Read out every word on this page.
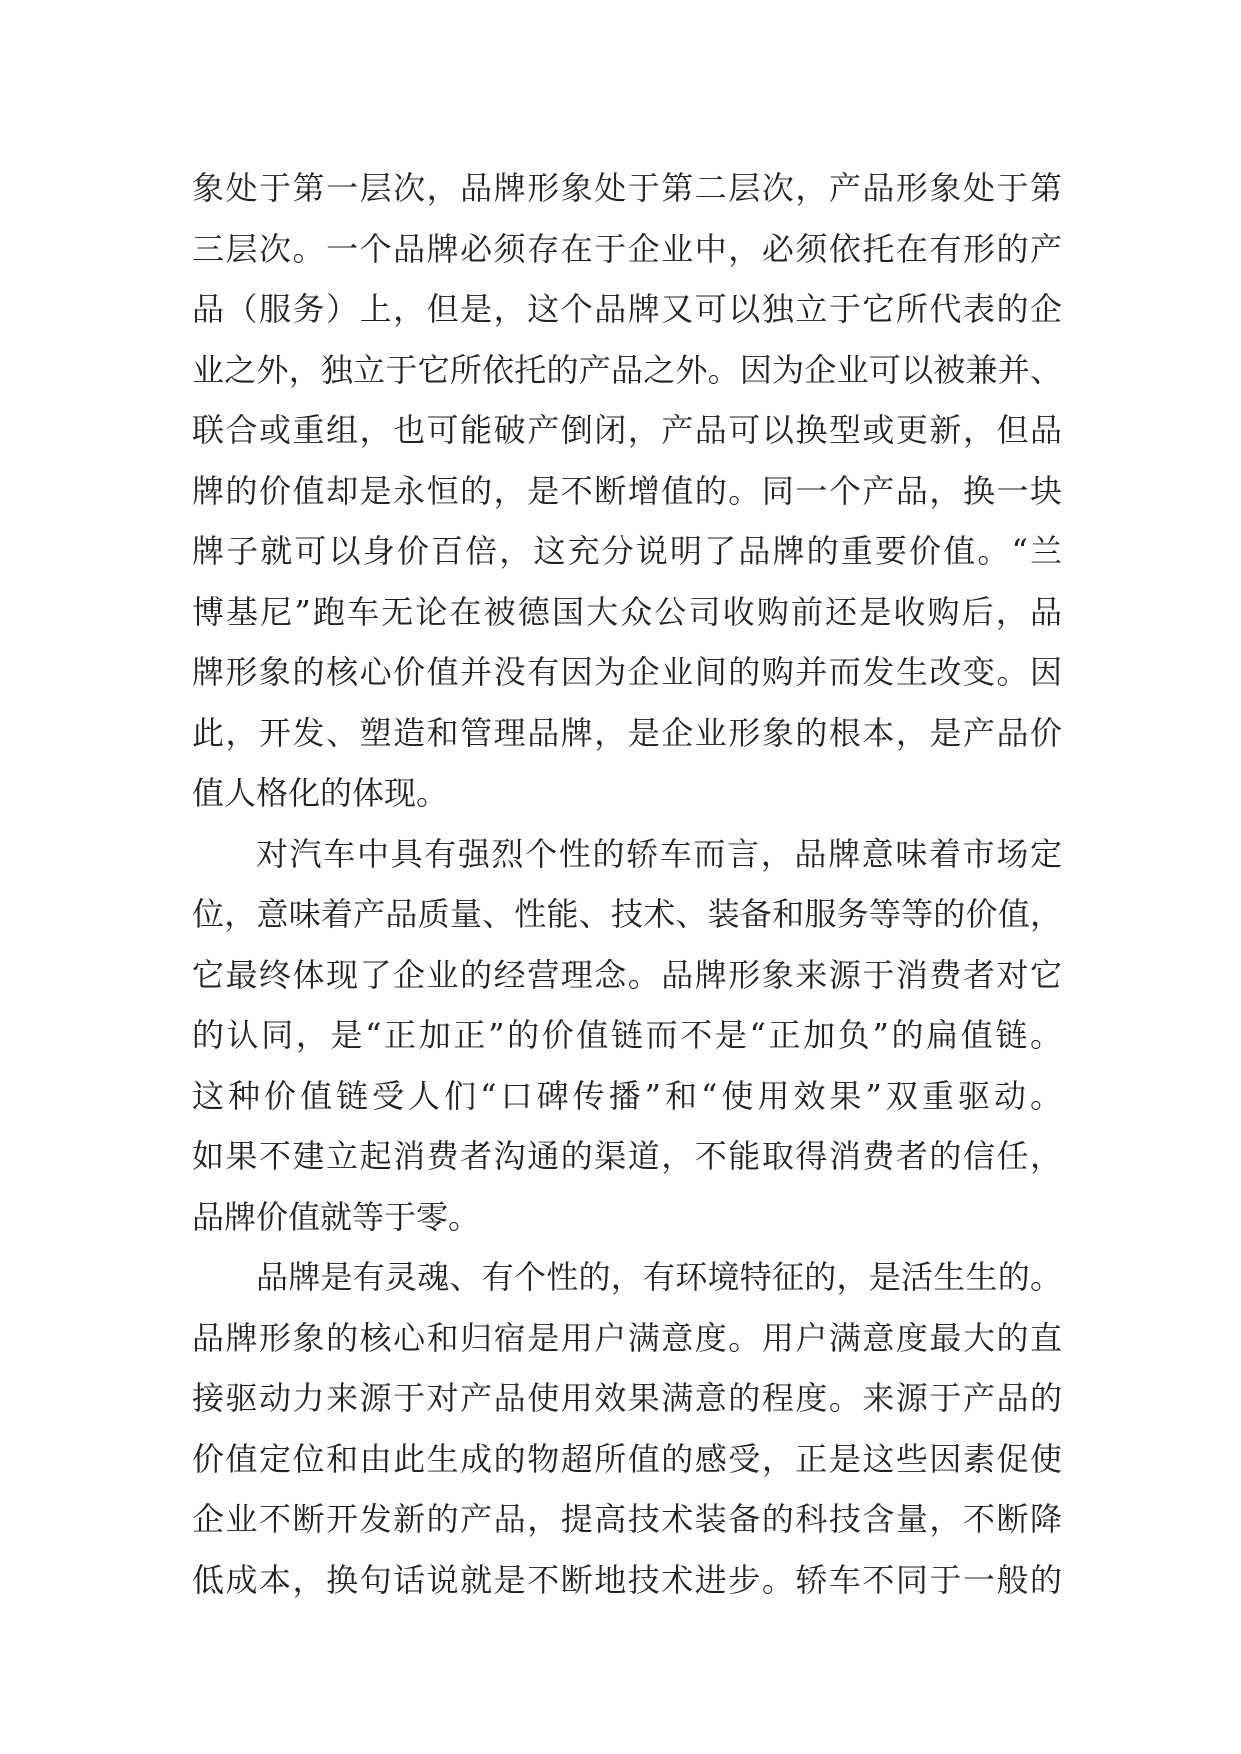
象处于第一层次，品牌形象处于第二层次，产品形象处于第
三层次。一个品牌必须存在于企业中，必须依托在有形的产
品（服务）上，但是，这个品牌又可以独立于它所代表的企
业之外，独立于它所依托的产品之外。因为企业可以被兼并、
联合或重组，也可能破产倒闭，产品可以换型或更新，但品
牌的价值却是永恒的，是不断增值的。同一个产品，换一块
牌子就可以身价百倍，这充分说明了品牌的重要价值。“兰
博基尼”跑车无论在被德国大众公司收购前还是收购后，品
牌形象的核心价值并没有因为企业间的购并而发生改变。因
此，开发、塑造和管理品牌，是企业形象的根本，是产品价
值人格化的体现。
对汽车中具有强烈个性的轿车而言，品牌意味着市场定
位，意味着产品质量、性能、技术、装备和服务等等的价值，
它最终体现了企业的经营理念。品牌形象来源于消费者对它
的认同，是“正加正”的价值链而不是“正加负”的扁值链。
这种价值链受人们“口碑传播”和“使用效果”双重驱动。
如果不建立起消费者沟通的渠道，不能取得消费者的信任，
品牌价值就等于零。
品牌是有灵魂、有个性的，有环境特征的，是活生生的。
品牌形象的核心和归宿是用户满意度。用户满意度最大的直
接驱动力来源于对产品使用效果满意的程度。来源于产品的
价值定位和由此生成的物超所值的感受，正是这些因素促使
企业不断开发新的产品，提高技术装备的科技含量，不断降
低成本，换句话说就是不断地技术进步。轿车不同于一般的
